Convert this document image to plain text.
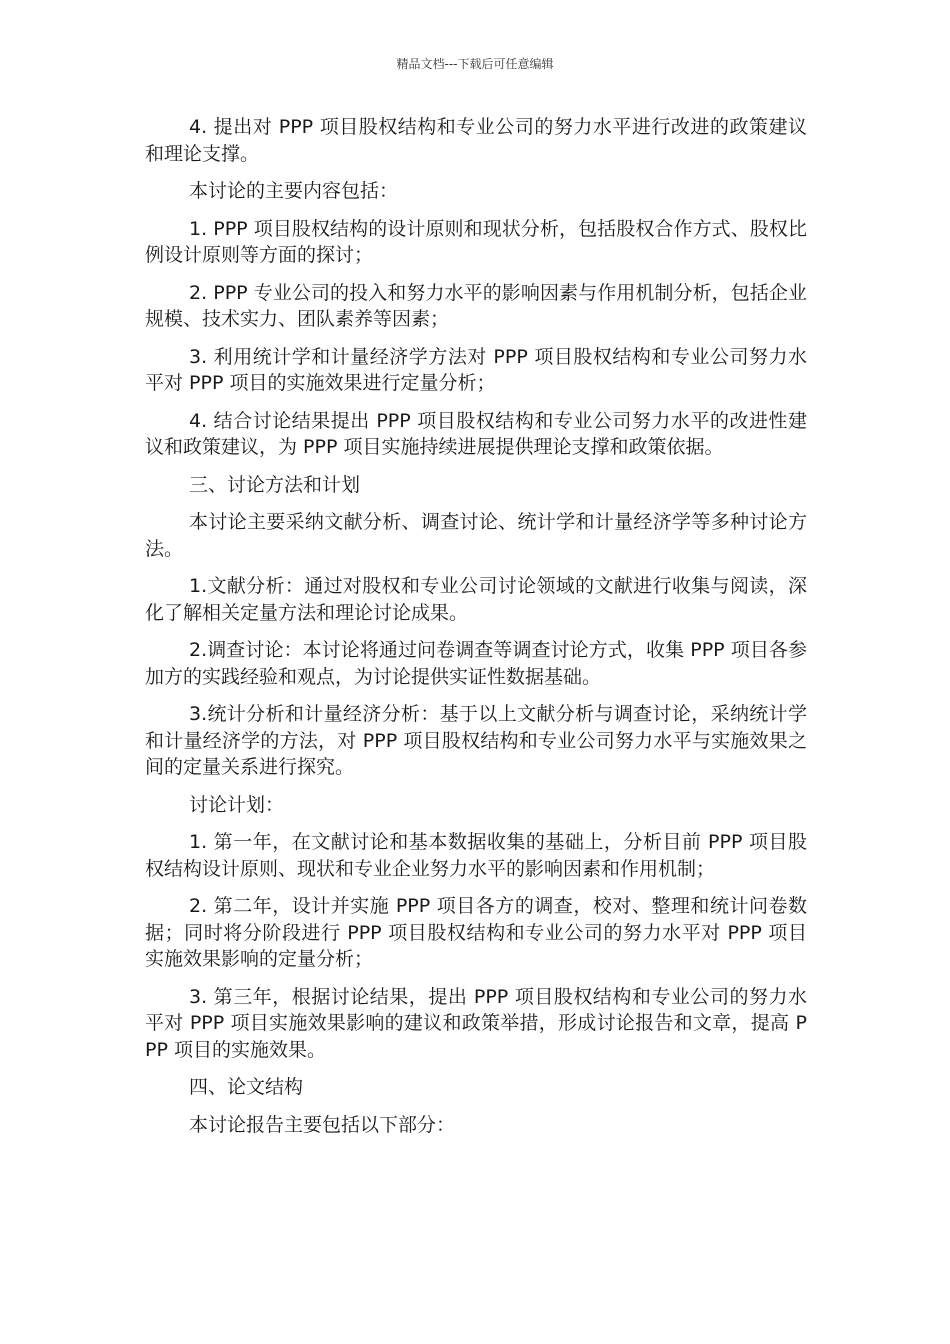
精品文档---下载后可任意编辑

4. 提出对 PPP 项目股权结构和专业公司的努力水平进行改进的政策建议和理论支撑。

本讨论的主要内容包括：

1. PPP 项目股权结构的设计原则和现状分析，包括股权合作方式、股权比例设计原则等方面的探讨；

2. PPP 专业公司的投入和努力水平的影响因素与作用机制分析，包括企业规模、技术实力、团队素养等因素；

3. 利用统计学和计量经济学方法对 PPP 项目股权结构和专业公司努力水平对 PPP 项目的实施效果进行定量分析；

4. 结合讨论结果提出 PPP 项目股权结构和专业公司努力水平的改进性建议和政策建议，为 PPP 项目实施持续进展提供理论支撑和政策依据。

三、讨论方法和计划

本讨论主要采纳文献分析、调查讨论、统计学和计量经济学等多种讨论方法。

1.文献分析：通过对股权和专业公司讨论领域的文献进行收集与阅读，深化了解相关定量方法和理论讨论成果。

2.调查讨论：本讨论将通过问卷调查等调查讨论方式，收集 PPP 项目各参加方的实践经验和观点，为讨论提供实证性数据基础。

3.统计分析和计量经济分析：基于以上文献分析与调查讨论，采纳统计学和计量经济学的方法，对 PPP 项目股权结构和专业公司努力水平与实施效果之间的定量关系进行探究。

讨论计划：

1. 第一年，在文献讨论和基本数据收集的基础上，分析目前 PPP 项目股权结构设计原则、现状和专业企业努力水平的影响因素和作用机制；

2. 第二年，设计并实施 PPP 项目各方的调查，校对、整理和统计问卷数据；同时将分阶段进行 PPP 项目股权结构和专业公司的努力水平对 PPP 项目实施效果影响的定量分析；

3. 第三年，根据讨论结果，提出 PPP 项目股权结构和专业公司的努力水平对 PPP 项目实施效果影响的建议和政策举措，形成讨论报告和文章，提高 PPP 项目的实施效果。

四、论文结构

本讨论报告主要包括以下部分：
